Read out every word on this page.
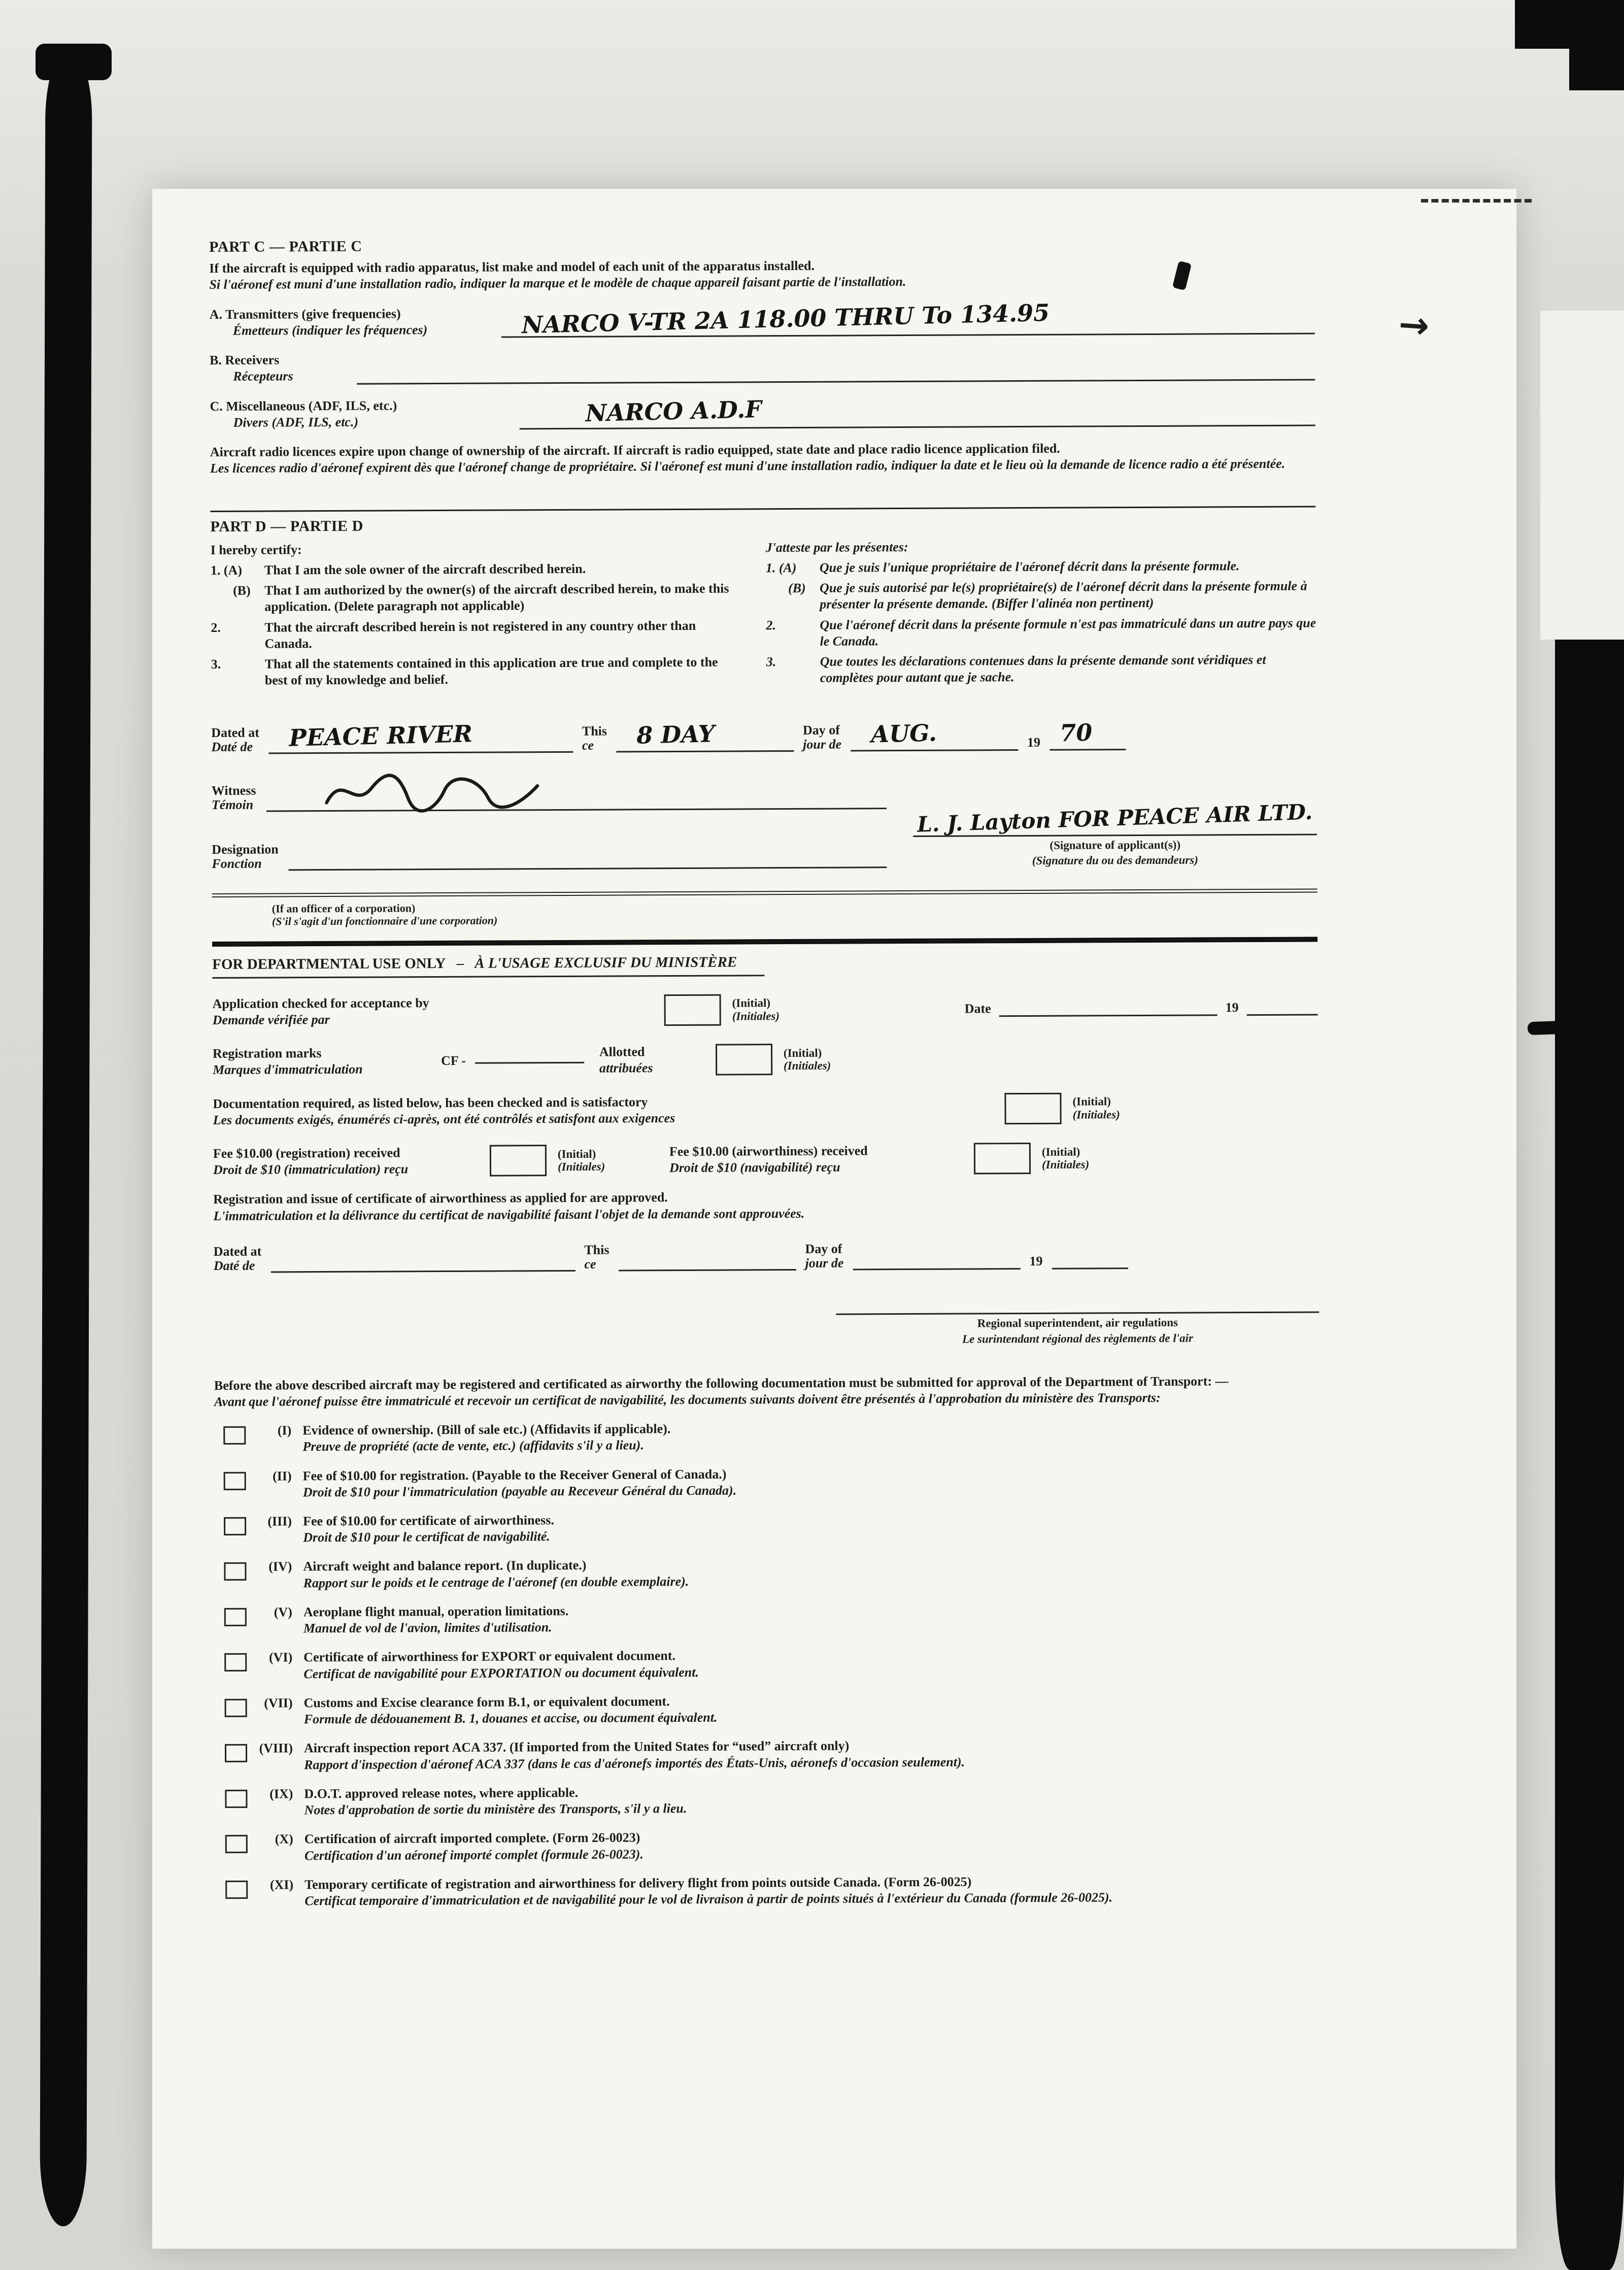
PART C — PARTIE C
If the aircraft is equipped with radio apparatus, list make and model of each unit of the apparatus installed.
Si l'aéronef est muni d'une installation radio, indiquer la marque et le modèle de chaque appareil faisant partie de l'installation.
A. Transmitters (give frequencies)
Émetteurs (indiquer les fréquences)	NARCO V-TR 2A 118.00 THRU To 134.95
B. Receivers
Récepteurs
C. Miscellaneous (ADF, ILS, etc.)
Divers (ADF, ILS, etc.)	NARCO A.D.F
Aircraft radio licences expire upon change of ownership of the aircraft. If aircraft is radio equipped, state date and place radio licence application filed.
Les licences radio d'aéronef expirent dès que l'aéronef change de propriétaire. Si l'aéronef est muni d'une installation radio, indiquer la date et le lieu où la demande de licence radio a été présentée.
PART D — PARTIE D
I hereby certify:
1. (A)	That I am the sole owner of the aircraft described herein.
(B)	That I am authorized by the owner(s) of the aircraft described herein, to make this application. (Delete paragraph not applicable)
2.	That the aircraft described herein is not registered in any country other than Canada.
3.	That all the statements contained in this application are true and complete to the best of my knowledge and belief.
J'atteste par les présentes:
1. (A)	Que je suis l'unique propriétaire de l'aéronef décrit dans la présente formule.
(B)	Que je suis autorisé par le(s) propriétaire(s) de l'aéronef décrit dans la présente formule à présenter la présente demande. (Biffer l'alinéa non pertinent)
2.	Que l'aéronef décrit dans la présente formule n'est pas immatriculé dans un autre pays que le Canada.
3.	Que toutes les déclarations contenues dans la présente demande sont véridiques et complètes pour autant que je sache.
Dated at
Daté de PEACE RIVER	This
ce	8 DAY	Day of
jour de AUG.	19 70
Witness
Témoin
Designation
Fonction
L. J. Layton FOR PEACE AIR LTD.
(Signature of applicant(s))
(Signature du ou des demandeurs)
(If an officer of a corporation)
(S'il s'agit d'un fonctionnaire d'une corporation)
FOR DEPARTMENTAL USE ONLY – À L'USAGE EXCLUSIF DU MINISTÈRE
Application checked for acceptance by
Demande vérifiée par
(Initial)
(Initiales)
Date	19
Registration marks
Marques d'immatriculation
CF -
Allotted
attribuées
(Initial)
(Initiales)
Documentation required, as listed below, has been checked and is satisfactory
Les documents exigés, énumérés ci-après, ont été contrôlés et satisfont aux exigences
(Initial)
(Initiales)
Fee $10.00 (registration) received
Droit de $10 (immatriculation) reçu
(Initial)
(Initiales)
Fee $10.00 (airworthiness) received
Droit de $10 (navigabilité) reçu
(Initial)
(Initiales)
Registration and issue of certificate of airworthiness as applied for are approved.
L'immatriculation et la délivrance du certificat de navigabilité faisant l'objet de la demande sont approuvées.
Dated at
Daté de
This
ce
Day of
jour de	19
Regional superintendent, air regulations
Le surintendant régional des règlements de l'air
Before the above described aircraft may be registered and certificated as airworthy the following documentation must be submitted for approval of the Department of Transport: —
Avant que l'aéronef puisse être immatriculé et recevoir un certificat de navigabilité, les documents suivants doivent être présentés à l'approbation du ministère des Transports:
(I) Evidence of ownership. (Bill of sale etc.) (Affidavits if applicable).
Preuve de propriété (acte de vente, etc.) (affidavits s'il y a lieu).
(II) Fee of $10.00 for registration. (Payable to the Receiver General of Canada.)
Droit de $10 pour l'immatriculation (payable au Receveur Général du Canada).
(III) Fee of $10.00 for certificate of airworthiness.
Droit de $10 pour le certificat de navigabilité.
(IV) Aircraft weight and balance report. (In duplicate.)
Rapport sur le poids et le centrage de l'aéronef (en double exemplaire).
(V) Aeroplane flight manual, operation limitations.
Manuel de vol de l'avion, limites d'utilisation.
(VI) Certificate of airworthiness for EXPORT or equivalent document.
Certificat de navigabilité pour EXPORTATION ou document équivalent.
(VII) Customs and Excise clearance form B.1, or equivalent document.
Formule de dédouanement B. 1, douanes et accise, ou document équivalent.
(VIII) Aircraft inspection report ACA 337. (If imported from the United States for “used” aircraft only)
Rapport d'inspection d'aéronef ACA 337 (dans le cas d'aéronefs importés des États-Unis, aéronefs d'occasion seulement).
(IX) D.O.T. approved release notes, where applicable.
Notes d'approbation de sortie du ministère des Transports, s'il y a lieu.
(X) Certification of aircraft imported complete. (Form 26-0023)
Certification d'un aéronef importé complet (formule 26-0023).
(XI) Temporary certificate of registration and airworthiness for delivery flight from points outside Canada. (Form 26-0025)
Certificat temporaire d'immatriculation et de navigabilité pour le vol de livraison à partir de points situés à l'extérieur du Canada (formule 26-0025).
→
